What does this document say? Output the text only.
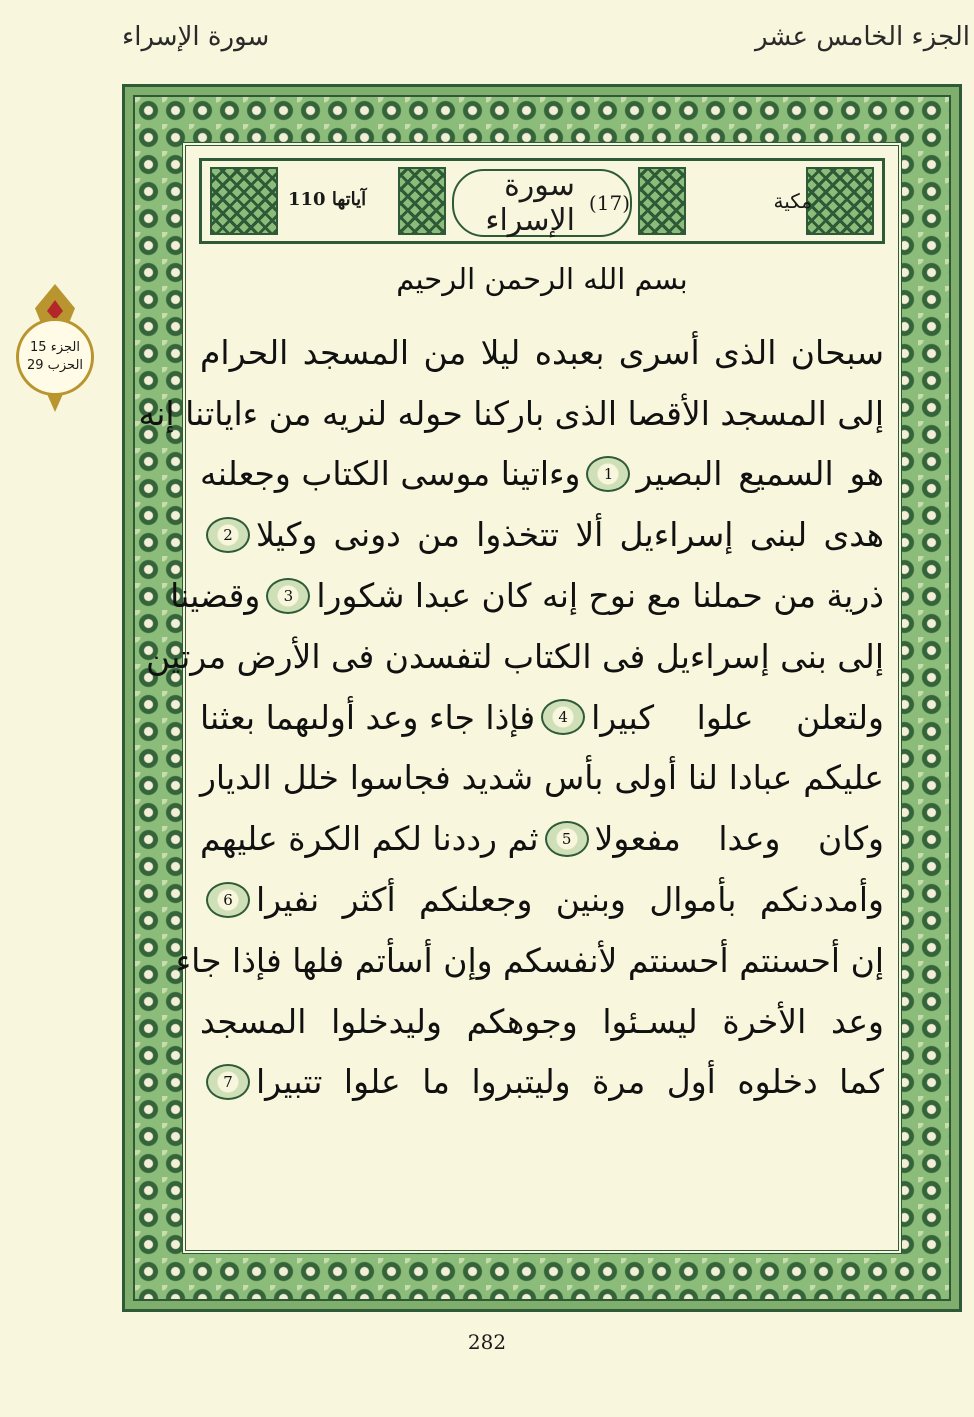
الجزء الخامس عشر
سورة الإسراء
آياتها 110	(17)
سورة الإسراء
مكية
بسم الله الرحمن الرحيم
سبحان الذى أسرى بعبده ليلا من المسجد الحرام
إلى المسجد الأقصا الذى باركنا حوله لنريه من ءاياتنا إنه
هو السميع البصير
1
وءاتينا موسى الكتاب وجعلنه
هدى لبنى إسراءيل ألا تتخذوا من دونى وكيلا
2
ذرية من حملنا مع نوح إنه كان عبدا شكورا
3
وقضينا
إلى بنى إسراءيل فى الكتاب لتفسدن فى الأرض مرتين
ولتعلن علوا كبيرا
4
فإذا جاء وعد أولىهما بعثنا
عليكم عبادا لنا أولى بأس شديد فجاسوا خلل الديار
وكان وعدا مفعولا
5
ثم رددنا لكم الكرة عليهم
وأمددنكم بأموال وبنين وجعلنكم أكثر نفيرا
6
إن أحسنتم أحسنتم لأنفسكم وإن أسأتم فلها فإذا جاء
وعد الأخرة ليسـئوا وجوهكم وليدخلوا المسجد
كما دخلوه أول مرة وليتبروا ما علوا تتبيرا
7
الجزء 15
الحزب 29
282
